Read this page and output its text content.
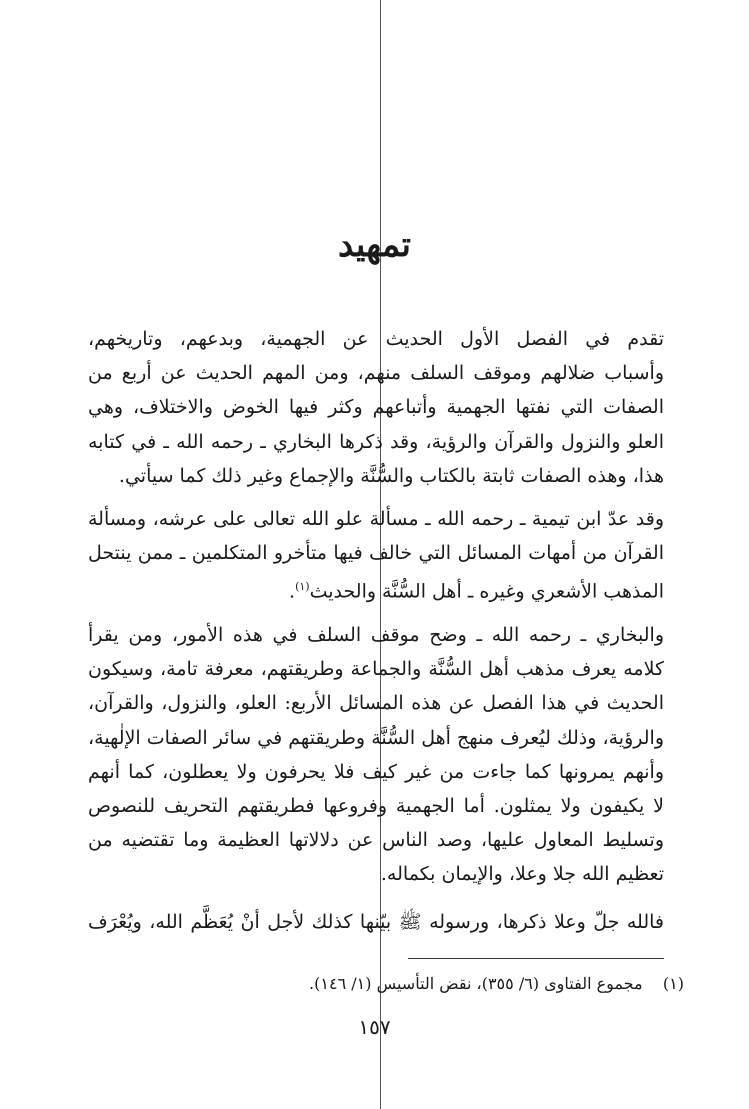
تمهيد

تقدم في الفصل الأول الحديث عن الجهمية، وبدعهم، وتاريخهم،
وأسباب ضلالهم وموقف السلف منهم، ومن المهم الحديث عن أربع من
الصفات التي نفتها الجهمية وأتباعهم وكثر فيها الخوض والاختلاف، وهي
العلو والنزول والقرآن والرؤية، وقد ذكرها البخاري ـ رحمه الله ـ في كتابه
هذا، وهذه الصفات ثابتة بالكتاب والسُّنَّة والإجماع وغير ذلك كما سيأتي.

وقد عدّ ابن تيمية ـ رحمه الله ـ مسألة علو الله تعالى على عرشه، ومسألة
القرآن من أمهات المسائل التي خالف فيها متأخرو المتكلمين ـ ممن ينتحل
المذهب الأشعري وغيره ـ أهل السُّنَّة والحديث$^{(١)}$.

والبخاري ـ رحمه الله ـ وضح موقف السلف في هذه الأمور، ومن يقرأ
كلامه يعرف مذهب أهل السُّنَّة والجماعة وطريقتهم، معرفة تامة، وسيكون
الحديث في هذا الفصل عن هذه المسائل الأربع: العلو، والنزول، والقرآن،
والرؤية، وذلك ليُعرف منهج أهل السُّنَّة وطريقتهم في سائر الصفات الإلٰهية،
وأنهم يمرونها كما جاءت من غير كيف فلا يحرفون ولا يعطلون، كما أنهم
لا يكيفون ولا يمثلون. أما الجهمية وفروعها فطريقتهم التحريف للنصوص
وتسليط المعاول عليها، وصد الناس عن دلالاتها العظيمة وما تقتضيه من
تعظيم الله جلا وعلا، والإيمان بكماله.

فالله جلّ وعلا ذكرها، ورسوله ﷺ بيّنها كذلك لأجل أنْ يُعَظَّم الله، ويُعْرَف

(١)    مجموع الفتاوى (٦/ ٣٥٥)، نقض التأسيس (١/ ١٤٦).
١٥٧
